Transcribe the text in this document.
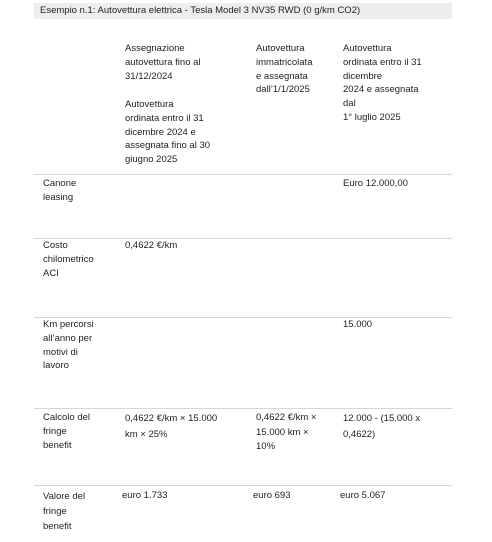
Esempio n.1: Autovettura elettrica - Tesla Model 3 NV35 RWD (0 g/km CO2)
Assegnazione
autovettura fino al
31/12/2024
Autovettura
ordinata entro il 31
dicembre 2024 e
assegnata fino al 30
giugno 2025
Autovettura
immatricolata
e assegnata
dall’1/1/2025
Autovettura
ordinata entro il 31
dicembre
2024 e assegnata
dal
1° luglio 2025
Canone
leasing
Euro 12.000,00
Costo
chilometrico
ACI
0,4622 €/km
Km percorsi
all’anno per
motivi di
lavoro
15.000
Calcolo del
fringe
benefit
0,4622 €/km × 15.000
km × 25%
0,4622 €/km ×
15.000 km ×
10%
12.000 - (15.000 x
0,4622)
Valore del
fringe
benefit
euro 1.733	euro 693	euro 5.067
